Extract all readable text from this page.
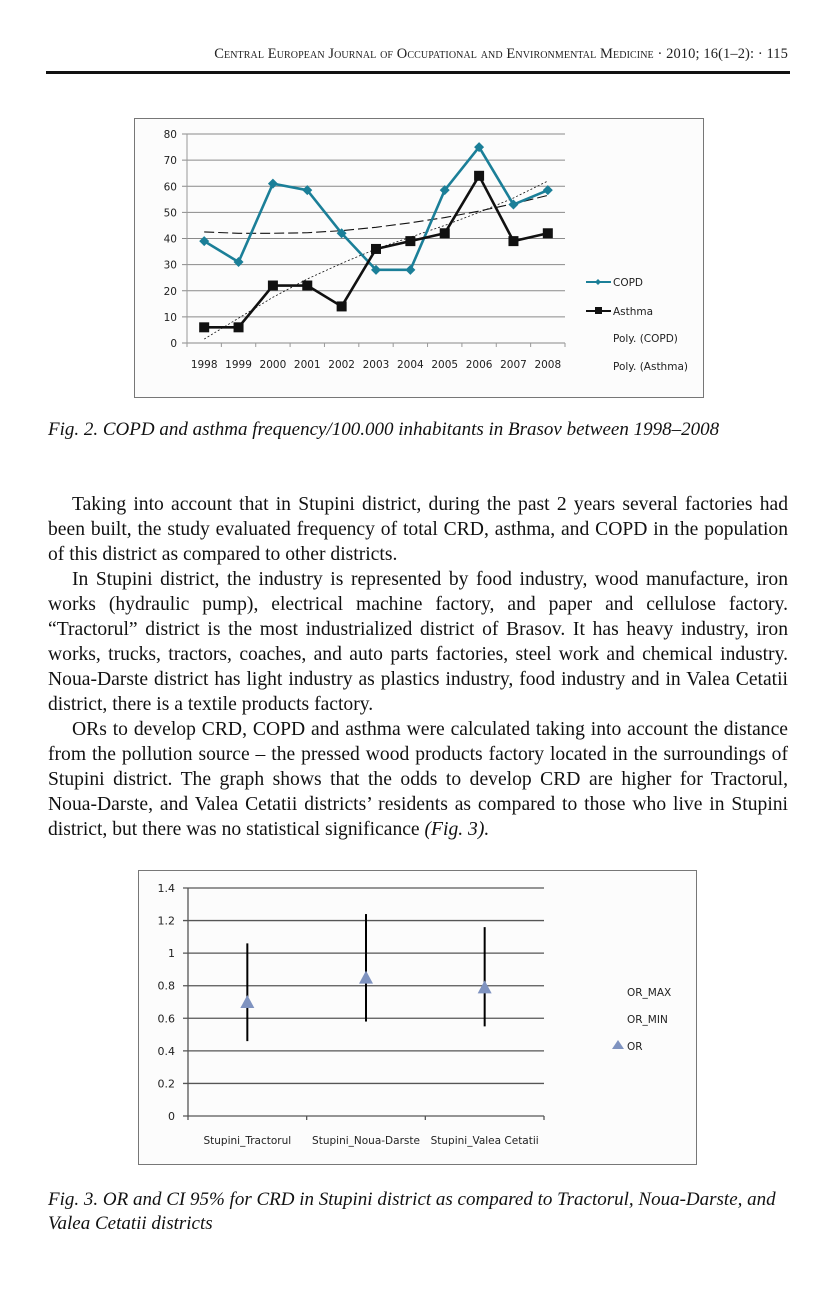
Central European Journal of Occupational and Environmental Medicine · 2010; 16(1–2): · 115
0
10
20
30
40
50
60
70
80
1998 1999 2000 2001 2002 2003 2004 2005 2006 2007 2008
COPD
Asthma
Poly. (COPD)
Poly. (Asthma)
Fig. 2. COPD and asthma frequency/100.000 inhabitants in Brasov between 1998–2008

Taking into account that in Stupini district, during the past 2 years several factories had been built, the study evaluated frequency of total CRD, asthma, and COPD in the population of this district as compared to other districts.

In Stupini district, the industry is represented by food industry, wood manufacture, iron works (hydraulic pump), electrical machine factory, and paper and cellulose factory. “Tractorul” district is the most industrialized district of Brasov. It has heavy industry, iron works, trucks, tractors, coaches, and auto parts factories, steel work and chemical industry. Noua-Darste district has light industry as plastics industry, food industry and in Valea Cetatii district, there is a textile products factory.

ORs to develop CRD, COPD and asthma were calculated taking into account the distance from the pollution source – the pressed wood products factory located in the surroundings of Stupini district. The graph shows that the odds to develop CRD are higher for Tractorul, Noua-Darste, and Valea Cetatii districts’ residents as compared to those who live in Stupini district, but there was no statistical significance (Fig. 3).

0
0.2
0.4
0.6
0.8
1
1.2
1.4
Stupini_Tractorul Stupini_Noua-Darste Stupini_Valea Cetatii
OR_MAX
OR_MIN
OR
Fig. 3. OR and CI 95% for CRD in Stupini district as compared to Tractorul, Noua-Darste, and Valea Cetatii districts
